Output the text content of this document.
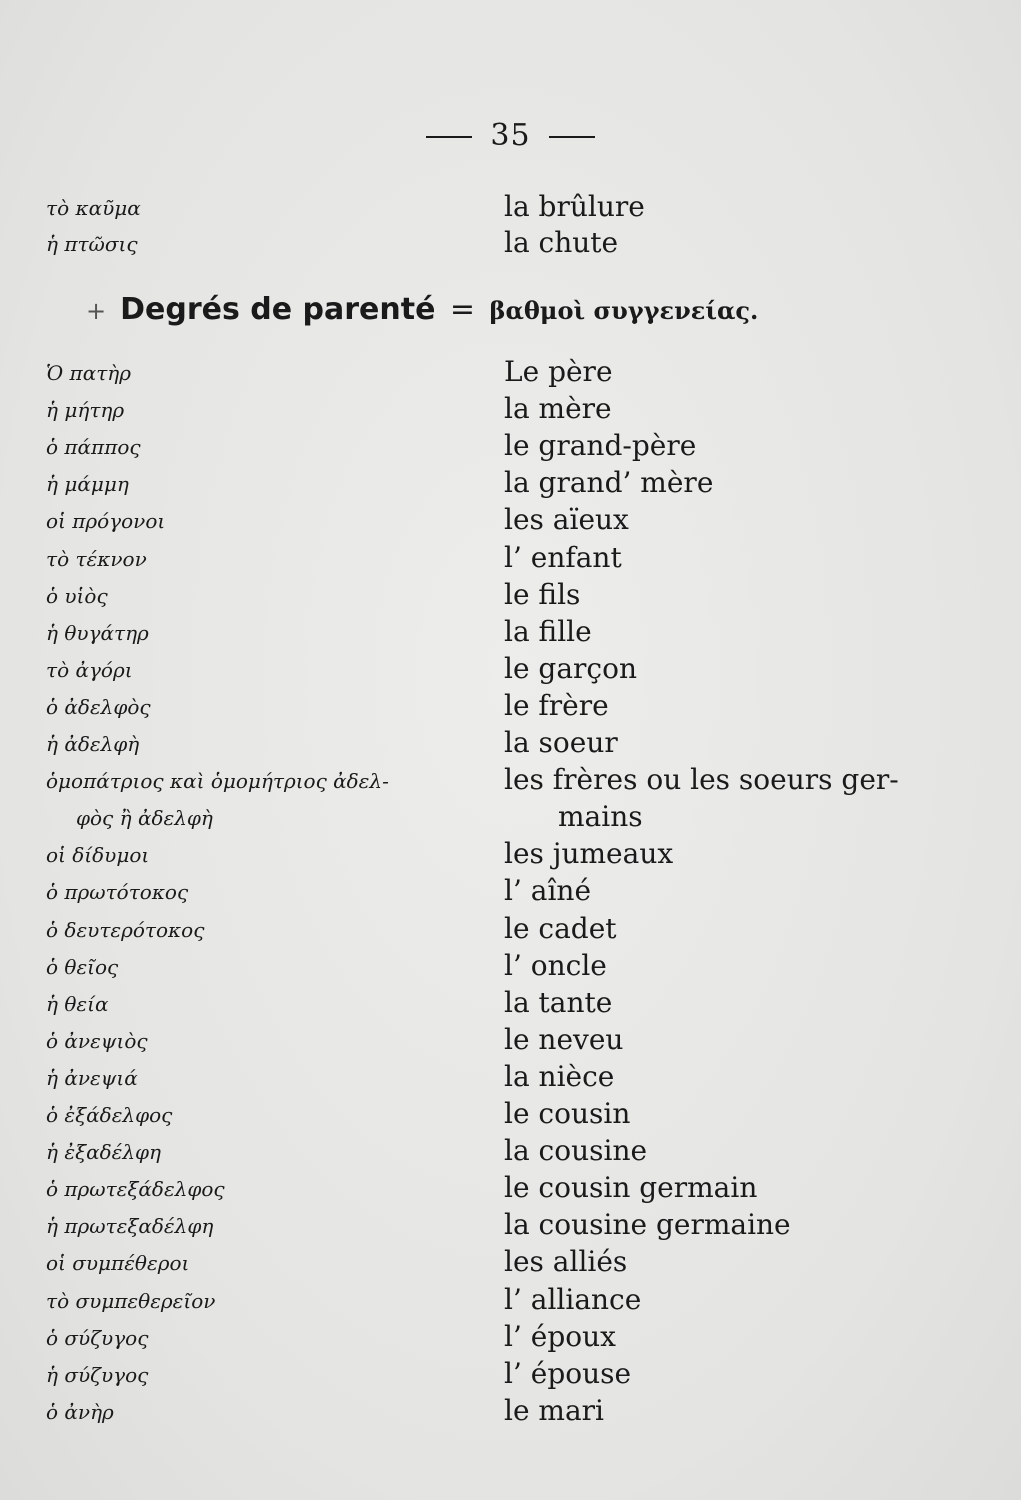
35
τὸ καῦμα	la brûlure
ἡ πτῶσις	la chute
+ Degrés de parenté = βαθμοὶ συγγενείας.
Ὁ πατὴρ	Le père
ἡ μήτηρ	la mère
ὁ πάππος	le grand-père
ἡ μάμμη	la grand’ mère
οἱ πρόγονοι	les aïeux
τὸ τέκνον	l’ enfant
ὁ υἱὸς	le fils
ἡ θυγάτηρ	la fille
τὸ ἀγόρι	le garçon
ὁ ἀδελφὸς	le frère
ἡ ἀδελφὴ	la soeur
ὁμοπάτριος καὶ ὁμομήτριος ἀδελ-	les frères ou les soeurs ger-
φὸς ἢ ἀδελφὴ	mains
οἱ δίδυμοι	les jumeaux
ὁ πρωτότοκος	l’ aîné
ὁ δευτερότοκος	le cadet
ὁ θεῖος	l’ oncle
ἡ θεία	la tante
ὁ ἀνεψιὸς	le neveu
ἡ ἀνεψιά	la nièce
ὁ ἐξάδελφος	le cousin
ἡ ἐξαδέλφη	la cousine
ὁ πρωτεξάδελφος	le cousin germain
ἡ πρωτεξαδέλφη	la cousine germaine
οἱ συμπέθεροι	les alliés
τὸ συμπεθερεῖον	l’ alliance
ὁ σύζυγος	l’ époux
ἡ σύζυγος	l’ épouse
ὁ ἀνὴρ	le mari
